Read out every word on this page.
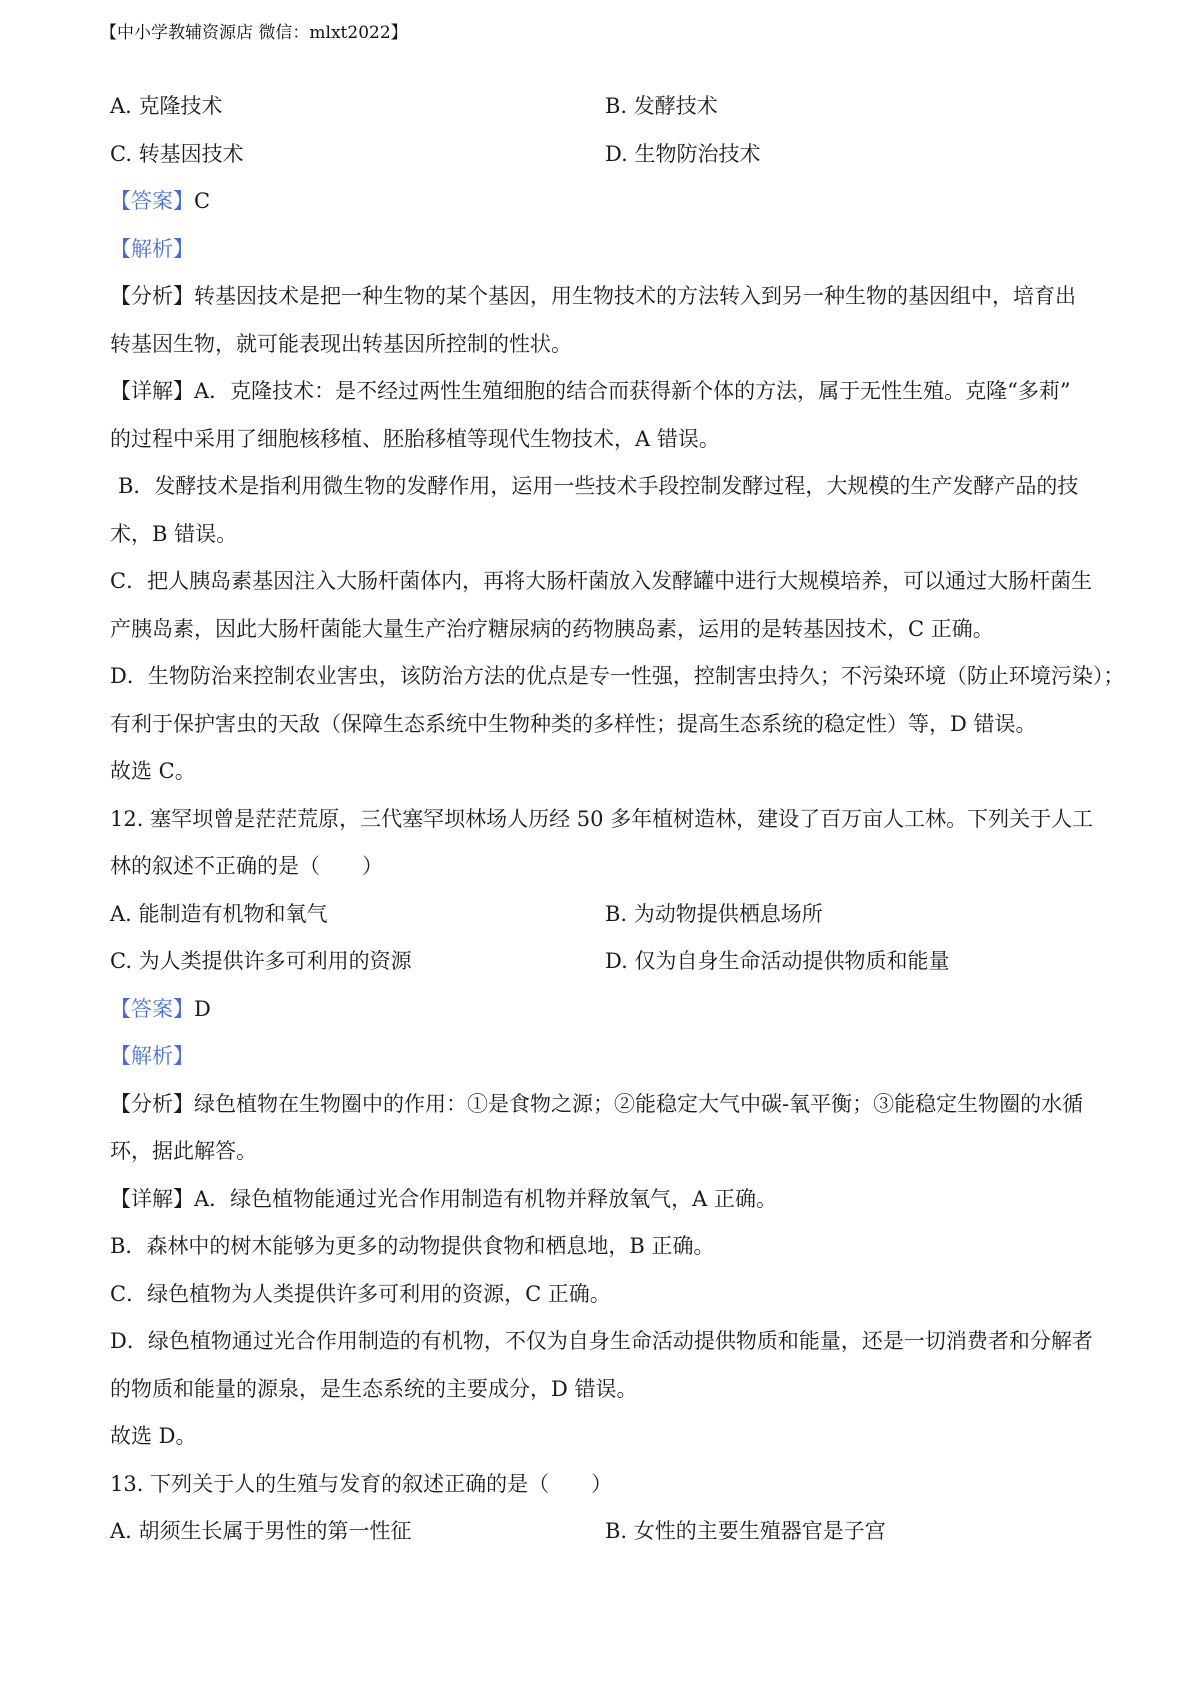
【中小学教辅资源店 微信：mlxt2022】
A. 克隆技术	B. 发酵技术
C. 转基因技术	D. 生物防治技术
【答案】C
【解析】
【分析】转基因技术是把一种生物的某个基因，用生物技术的方法转入到另一种生物的基因组中，培育出
转基因生物，就可能表现出转基因所控制的性状。
【详解】A．克隆技术：是不经过两性生殖细胞的结合而获得新个体的方法，属于无性生殖。克隆“多莉”
的过程中采用了细胞核移植、胚胎移植等现代生物技术，A 错误。
B．发酵技术是指利用微生物的发酵作用，运用一些技术手段控制发酵过程，大规模的生产发酵产品的技
术，B 错误。
C．把人胰岛素基因注入大肠杆菌体内，再将大肠杆菌放入发酵罐中进行大规模培养，可以通过大肠杆菌生
产胰岛素，因此大肠杆菌能大量生产治疗糖尿病的药物胰岛素，运用的是转基因技术，C 正确。
D．生物防治来控制农业害虫，该防治方法的优点是专一性强，控制害虫持久；不污染环境（防止环境污染）；
有利于保护害虫的天敌（保障生态系统中生物种类的多样性；提高生态系统的稳定性）等，D 错误。
故选 C。
12. 塞罕坝曾是茫茫荒原，三代塞罕坝林场人历经 50 多年植树造林，建设了百万亩人工林。下列关于人工
林的叙述不正确的是（　　）
A. 能制造有机物和氧气	B. 为动物提供栖息场所
C. 为人类提供许多可利用的资源	D. 仅为自身生命活动提供物质和能量
【答案】D
【解析】
【分析】绿色植物在生物圈中的作用：①是食物之源；②能稳定大气中碳-氧平衡；③能稳定生物圈的水循
环，据此解答。
【详解】A．绿色植物能通过光合作用制造有机物并释放氧气，A 正确。
B．森林中的树木能够为更多的动物提供食物和栖息地，B 正确。
C．绿色植物为人类提供许多可利用的资源，C 正确。
D．绿色植物通过光合作用制造的有机物，不仅为自身生命活动提供物质和能量，还是一切消费者和分解者
的物质和能量的源泉，是生态系统的主要成分，D 错误。
故选 D。
13. 下列关于人的生殖与发育的叙述正确的是（　　）
A. 胡须生长属于男性的第一性征	B. 女性的主要生殖器官是子宫
